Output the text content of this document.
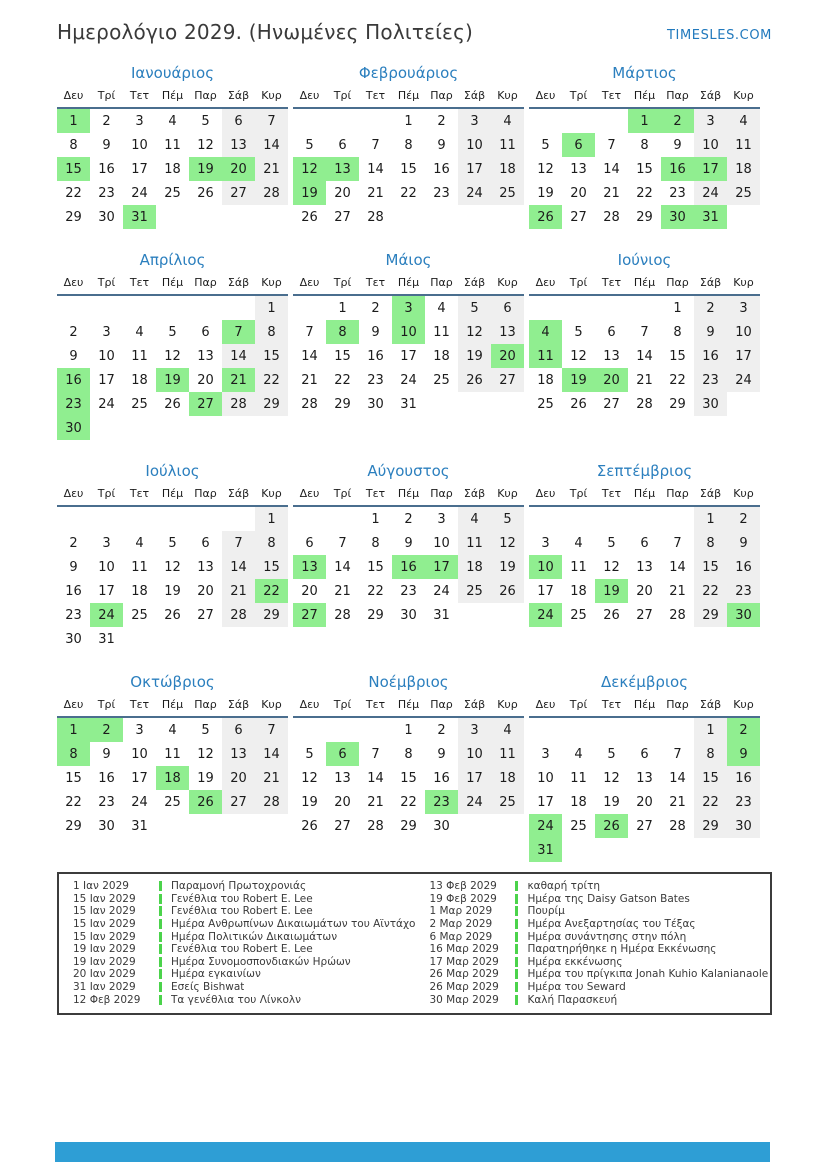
Ημερολόγιο 2029. (Ηνωμένες Πολιτείες)	TIMESLES.COM
Ιανουάριος
Δευ	Τρί	Τετ	Πέμ	Παρ	Σάβ	Κυρ
1	2	3	4	5	6	7
8	9	10	11	12	13	14
15	16	17	18	19	20	21
22	23	24	25	26	27	28
29	30	31				
Φεβρουάριος
Δευ	Τρί	Τετ	Πέμ	Παρ	Σάβ	Κυρ
			1	2	3	4
5	6	7	8	9	10	11
12	13	14	15	16	17	18
19	20	21	22	23	24	25
26	27	28				
Μάρτιος
Δευ	Τρί	Τετ	Πέμ	Παρ	Σάβ	Κυρ
			1	2	3	4
5	6	7	8	9	10	11
12	13	14	15	16	17	18
19	20	21	22	23	24	25
26	27	28	29	30	31	
Απρίλιος
Δευ	Τρί	Τετ	Πέμ	Παρ	Σάβ	Κυρ
						1
2	3	4	5	6	7	8
9	10	11	12	13	14	15
16	17	18	19	20	21	22
23	24	25	26	27	28	29
30						
Μάιος
Δευ	Τρί	Τετ	Πέμ	Παρ	Σάβ	Κυρ
	1	2	3	4	5	6
7	8	9	10	11	12	13
14	15	16	17	18	19	20
21	22	23	24	25	26	27
28	29	30	31			
Ιούνιος
Δευ	Τρί	Τετ	Πέμ	Παρ	Σάβ	Κυρ
				1	2	3
4	5	6	7	8	9	10
11	12	13	14	15	16	17
18	19	20	21	22	23	24
25	26	27	28	29	30	
Ιούλιος
Δευ	Τρί	Τετ	Πέμ	Παρ	Σάβ	Κυρ
						1
2	3	4	5	6	7	8
9	10	11	12	13	14	15
16	17	18	19	20	21	22
23	24	25	26	27	28	29
30	31					
Αύγουστος
Δευ	Τρί	Τετ	Πέμ	Παρ	Σάβ	Κυρ
		1	2	3	4	5
6	7	8	9	10	11	12
13	14	15	16	17	18	19
20	21	22	23	24	25	26
27	28	29	30	31		
Σεπτέμβριος
Δευ	Τρί	Τετ	Πέμ	Παρ	Σάβ	Κυρ
					1	2
3	4	5	6	7	8	9
10	11	12	13	14	15	16
17	18	19	20	21	22	23
24	25	26	27	28	29	30
Οκτώβριος
Δευ	Τρί	Τετ	Πέμ	Παρ	Σάβ	Κυρ
1	2	3	4	5	6	7
8	9	10	11	12	13	14
15	16	17	18	19	20	21
22	23	24	25	26	27	28
29	30	31				
Νοέμβριος
Δευ	Τρί	Τετ	Πέμ	Παρ	Σάβ	Κυρ
			1	2	3	4
5	6	7	8	9	10	11
12	13	14	15	16	17	18
19	20	21	22	23	24	25
26	27	28	29	30		
Δεκέμβριος
Δευ	Τρί	Τετ	Πέμ	Παρ	Σάβ	Κυρ
					1	2
3	4	5	6	7	8	9
10	11	12	13	14	15	16
17	18	19	20	21	22	23
24	25	26	27	28	29	30
31						
1 Ιαν 2029	Παραμονή Πρωτοχρονιάς
15 Ιαν 2029	Γενέθλια του Robert E. Lee
15 Ιαν 2029	Γενέθλια του Robert E. Lee
15 Ιαν 2029	Ημέρα Ανθρωπίνων Δικαιωμάτων του Αϊντάχο
15 Ιαν 2029	Ημέρα Πολιτικών Δικαιωμάτων
19 Ιαν 2029	Γενέθλια του Robert E. Lee
19 Ιαν 2029	Ημέρα Συνομοσπονδιακών Ηρώων
20 Ιαν 2029	Ημέρα εγκαινίων
31 Ιαν 2029	Εσείς Bishwat
12 Φεβ 2029	Τα γενέθλια του Λίνκολν
13 Φεβ 2029	καθαρή τρίτη
19 Φεβ 2029	Ημέρα της Daisy Gatson Bates
1 Μαρ 2029	Πουρίμ
2 Μαρ 2029	Ημέρα Ανεξαρτησίας του Τέξας
6 Μαρ 2029	Ημέρα συνάντησης στην πόλη
16 Μαρ 2029	Παρατηρήθηκε η Ημέρα Εκκένωσης
17 Μαρ 2029	Ημέρα εκκένωσης
26 Μαρ 2029	Ημέρα του πρίγκιπα Jonah Kuhio Kalanianaole
26 Μαρ 2029	Ημέρα του Seward
30 Μαρ 2029	Καλή Παρασκευή
